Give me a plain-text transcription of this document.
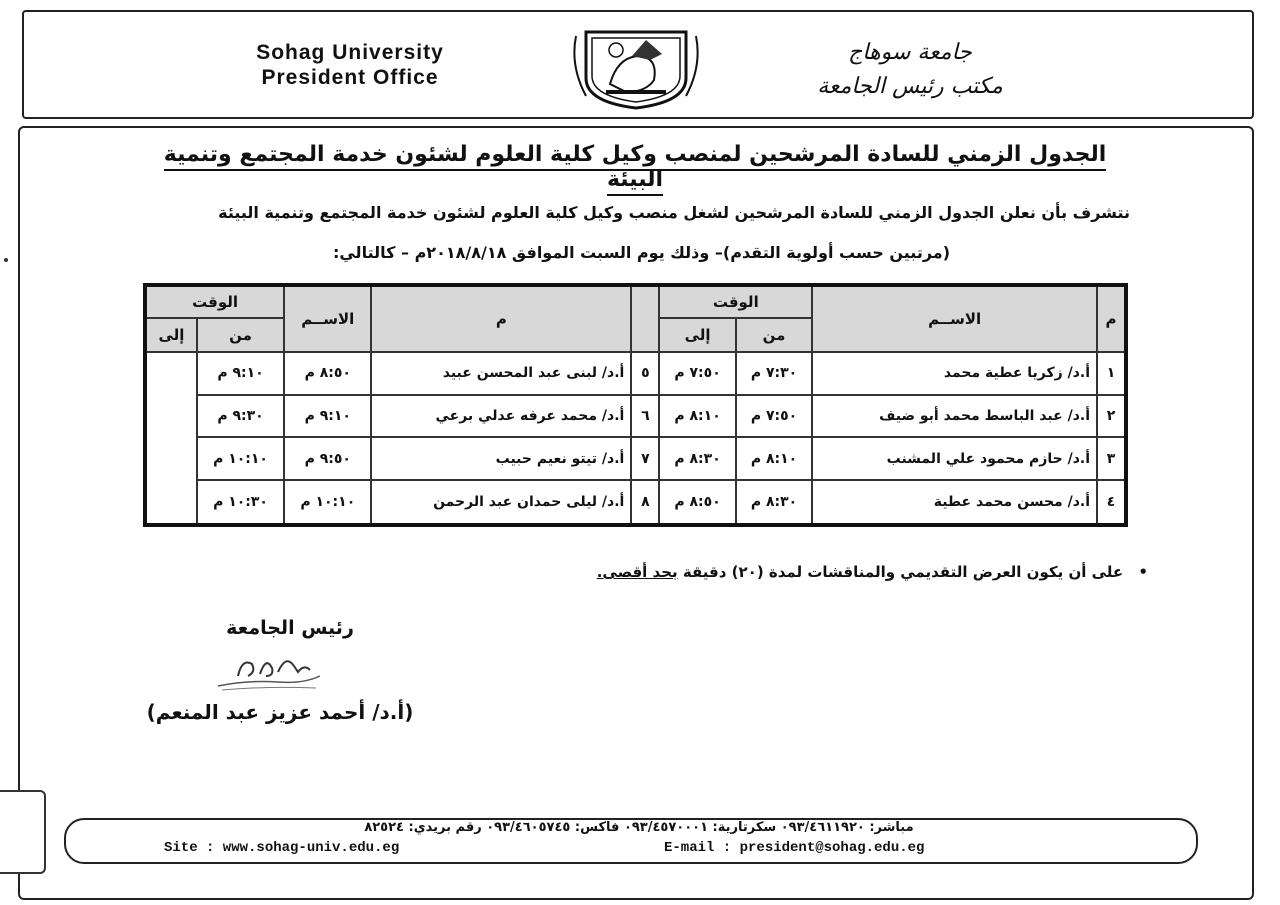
Sohag University
President Office
جامعة سوهاج
مكتب رئيس الجامعة
الجدول الزمني للسادة المرشحين لمنصب وكيل كلية العلوم لشئون خدمة المجتمع وتنمية البيئة
نتشرف بأن نعلن الجدول الزمني للسادة المرشحين لشغل منصب وكيل كلية العلوم لشئون خدمة المجتمع وتنمية البيئة
(مرتبين حسب أولوية التقدم)– وذلك يوم السبت الموافق ٢٠١٨/٨/١٨م – كالتالي:
م	الاســم	الوقت			م	الاســم	الوقت	
		من	إلى				من	إلى
١	أ.د/ زكريا عطية محمد	٧:٣٠ م	٧:٥٠ م	٥	أ.د/ لبنى عبد المحسن عبيد	٨:٥٠ م	٩:١٠ م	
٢	أ.د/ عبد الباسط محمد أبو ضيف	٧:٥٠ م	٨:١٠ م	٦	أ.د/ محمد عرفه عدلي برعي	٩:١٠ م	٩:٣٠ م	
٣	أ.د/ حازم محمود علي المشنب	٨:١٠ م	٨:٣٠ م	٧	أ.د/ تيتو نعيم حبيب	٩:٥٠ م	١٠:١٠ م	
٤	أ.د/ محسن محمد عطية	٨:٣٠ م	٨:٥٠ م	٨	أ.د/ ليلى حمدان عبد الرحمن	١٠:١٠ م	١٠:٣٠ م	
• على أن يكون العرض التقديمي والمناقشات لمدة (٢٠) دقيقة بحد أقصى.
رئيس الجامعة
(أ.د/ أحمد عزيز عبد المنعم)
مباشر: ٠٩٣/٤٦١١٩٢٠ سكرتارية: ٠٩٣/٤٥٧٠٠٠١ فاكس: ٠٩٣/٤٦٠٥٧٤٥ رقم بريدي: ٨٢٥٢٤
Site : www.sohag-univ.edu.eg	E-mail : president@sohag.edu.eg
